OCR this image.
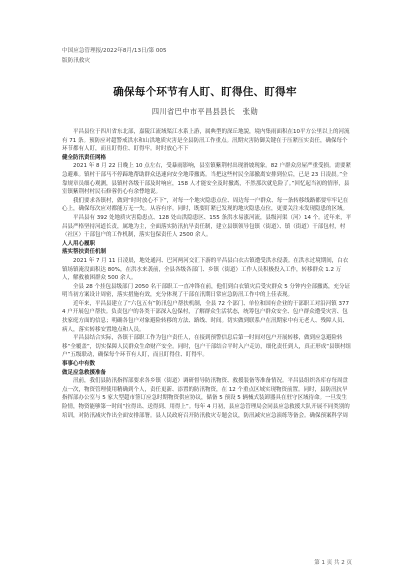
中国应急管理报/2022年8月/13日/第 005
版防汛救灾
确保每个环节有人盯、盯得住、盯得牢
四川省巴中市平昌县县长　张勋

平昌县位于四川省东北部，嘉陵江流域渠江水系上游，属典型的深丘地貌，境内集雨面积在10平方公里以上的河流有 71 条。预防应对超警戒洪水和山洪地质灾害是全县防汛工作重点。汛期灾害防御关键在于压紧压实责任，确保每个环节都有人盯，而且盯得住、盯得牢。时时放心不下

健全防汛责任网格

2021 年 8 月 22 日晚上 10 点左右，受暴雨影响，县室镇紫荆村出现滑坡现象。82 户群众房屋严重受损。需要紧急避难。镇村干部马不停蹄地帮助群众迅速向安全地带撤离。当把这些村民全部撤离安排到位后，已是 23 日凌晨。”全靠规章员细心观测，县镇村各级干部及时响应，158 人才能安全及时撤离，不然那次就危险了。”回忆起当初的情形，县室镇紫荆村村民石修蓉仍心有余悸地说。

我们要求各镇村，做到“时时放心不下”，对每一个地灾隐患点位、周边每一户群众、每一条转移线路都要牢牢记在心上，确保每次应对都能万无一失。从容有序。同时，既要盯紧已发现的地灾隐患点位，更要关注未发现隐患的区域。

平昌县有 392 处地质灾害隐患点、128 处山洪隐患区、155 条洪水易涨河流，县级河渠（河）14 个。近年来，平昌县严格坚持河道长责，属地为主，全面落实防汛抗旱责任制，建立县镇领导包镇（街道）、镇（街道）干部包村，村（社区）干部包户的工作机制，落实包保责任人 2500 余人。

人人用心履职

落实帮扶责任机制

2021 年 7 月 11 日凌晨，地处通河、巴河两河交汇下游的平昌县白衣古镇遭受洪水侵袭。在洪水过境期间，白衣镇场镇淹没面积达 80%，在洪水来袭前，全县各级各部门、乡镇（街道）工作人员积极投入工作，转移群众 1.2 万人，解救被困群众 500 余人。

全县 28 个挂包县级部门 2050 名干部职工一直冲锋在前，他们到白衣镇灾后受灾群众 5 分钟内全部撤离，充分证明当初方案设计周密，落实措施有效，充分体现了干部在汛期日常应急防汛工作中的上佳表现。

近年来，平昌县建立了“六包五有”防汛包户帮扶机制，全县 72 个部门、单位和国有企业的干部职工对沿河镇 3774 户开展包户帮扶。负责包户的各类干部深入包保村，了解群众生活状态，统筹包户群众安全、包户群众遭受灾害、包扶家庭方面的信息；明确各包户对象避险转移的方法、路线、时间。切实做到联系户在汛期家中有无老人、残障人员、病人，落实转移安置地点和人员。

平昌县结合实际，各镇干部职工作为包户责任人，在接到预警信息后第一时间对包户开展转移，做到应急避险转移“全覆盖”，切实保障人民群众生命财产安全。同时，包户干部结合平时入户走访，细化责任到人，真正形成“县镇村组户”五级联动，确保每个环节有人盯，而且盯得住、盯得牢。

事事心中有数

做足应急救援准备

汛前，我们县防汛指挥部要求各乡镇（街道）调研督导防汛物资、救援装备等准备情况。平昌县组织各库存每周盘点一次，物资管理使用精确到个人，责任更新、添置的防汛物资，在 12 个重点区域实现物资前置。同时，县防汛抗旱指挥部办公室与 5 家大型超市签订应急时期物资供应协议，储备 5 预设 5 辆械式装卸器具在驻守区域待命。一旦发生险情，物资能够第一时间“拉得出、送得到、用得上”。每年 4 月初，县应急管理局会同县应急救援大队开展不同类别的培训，对防汛减灾作出全面安排部署。县人民政府召开防汛救灾专题会议，防汛减灾应急演练等备会。确保预案科学周

第 1 页 共 2 页
